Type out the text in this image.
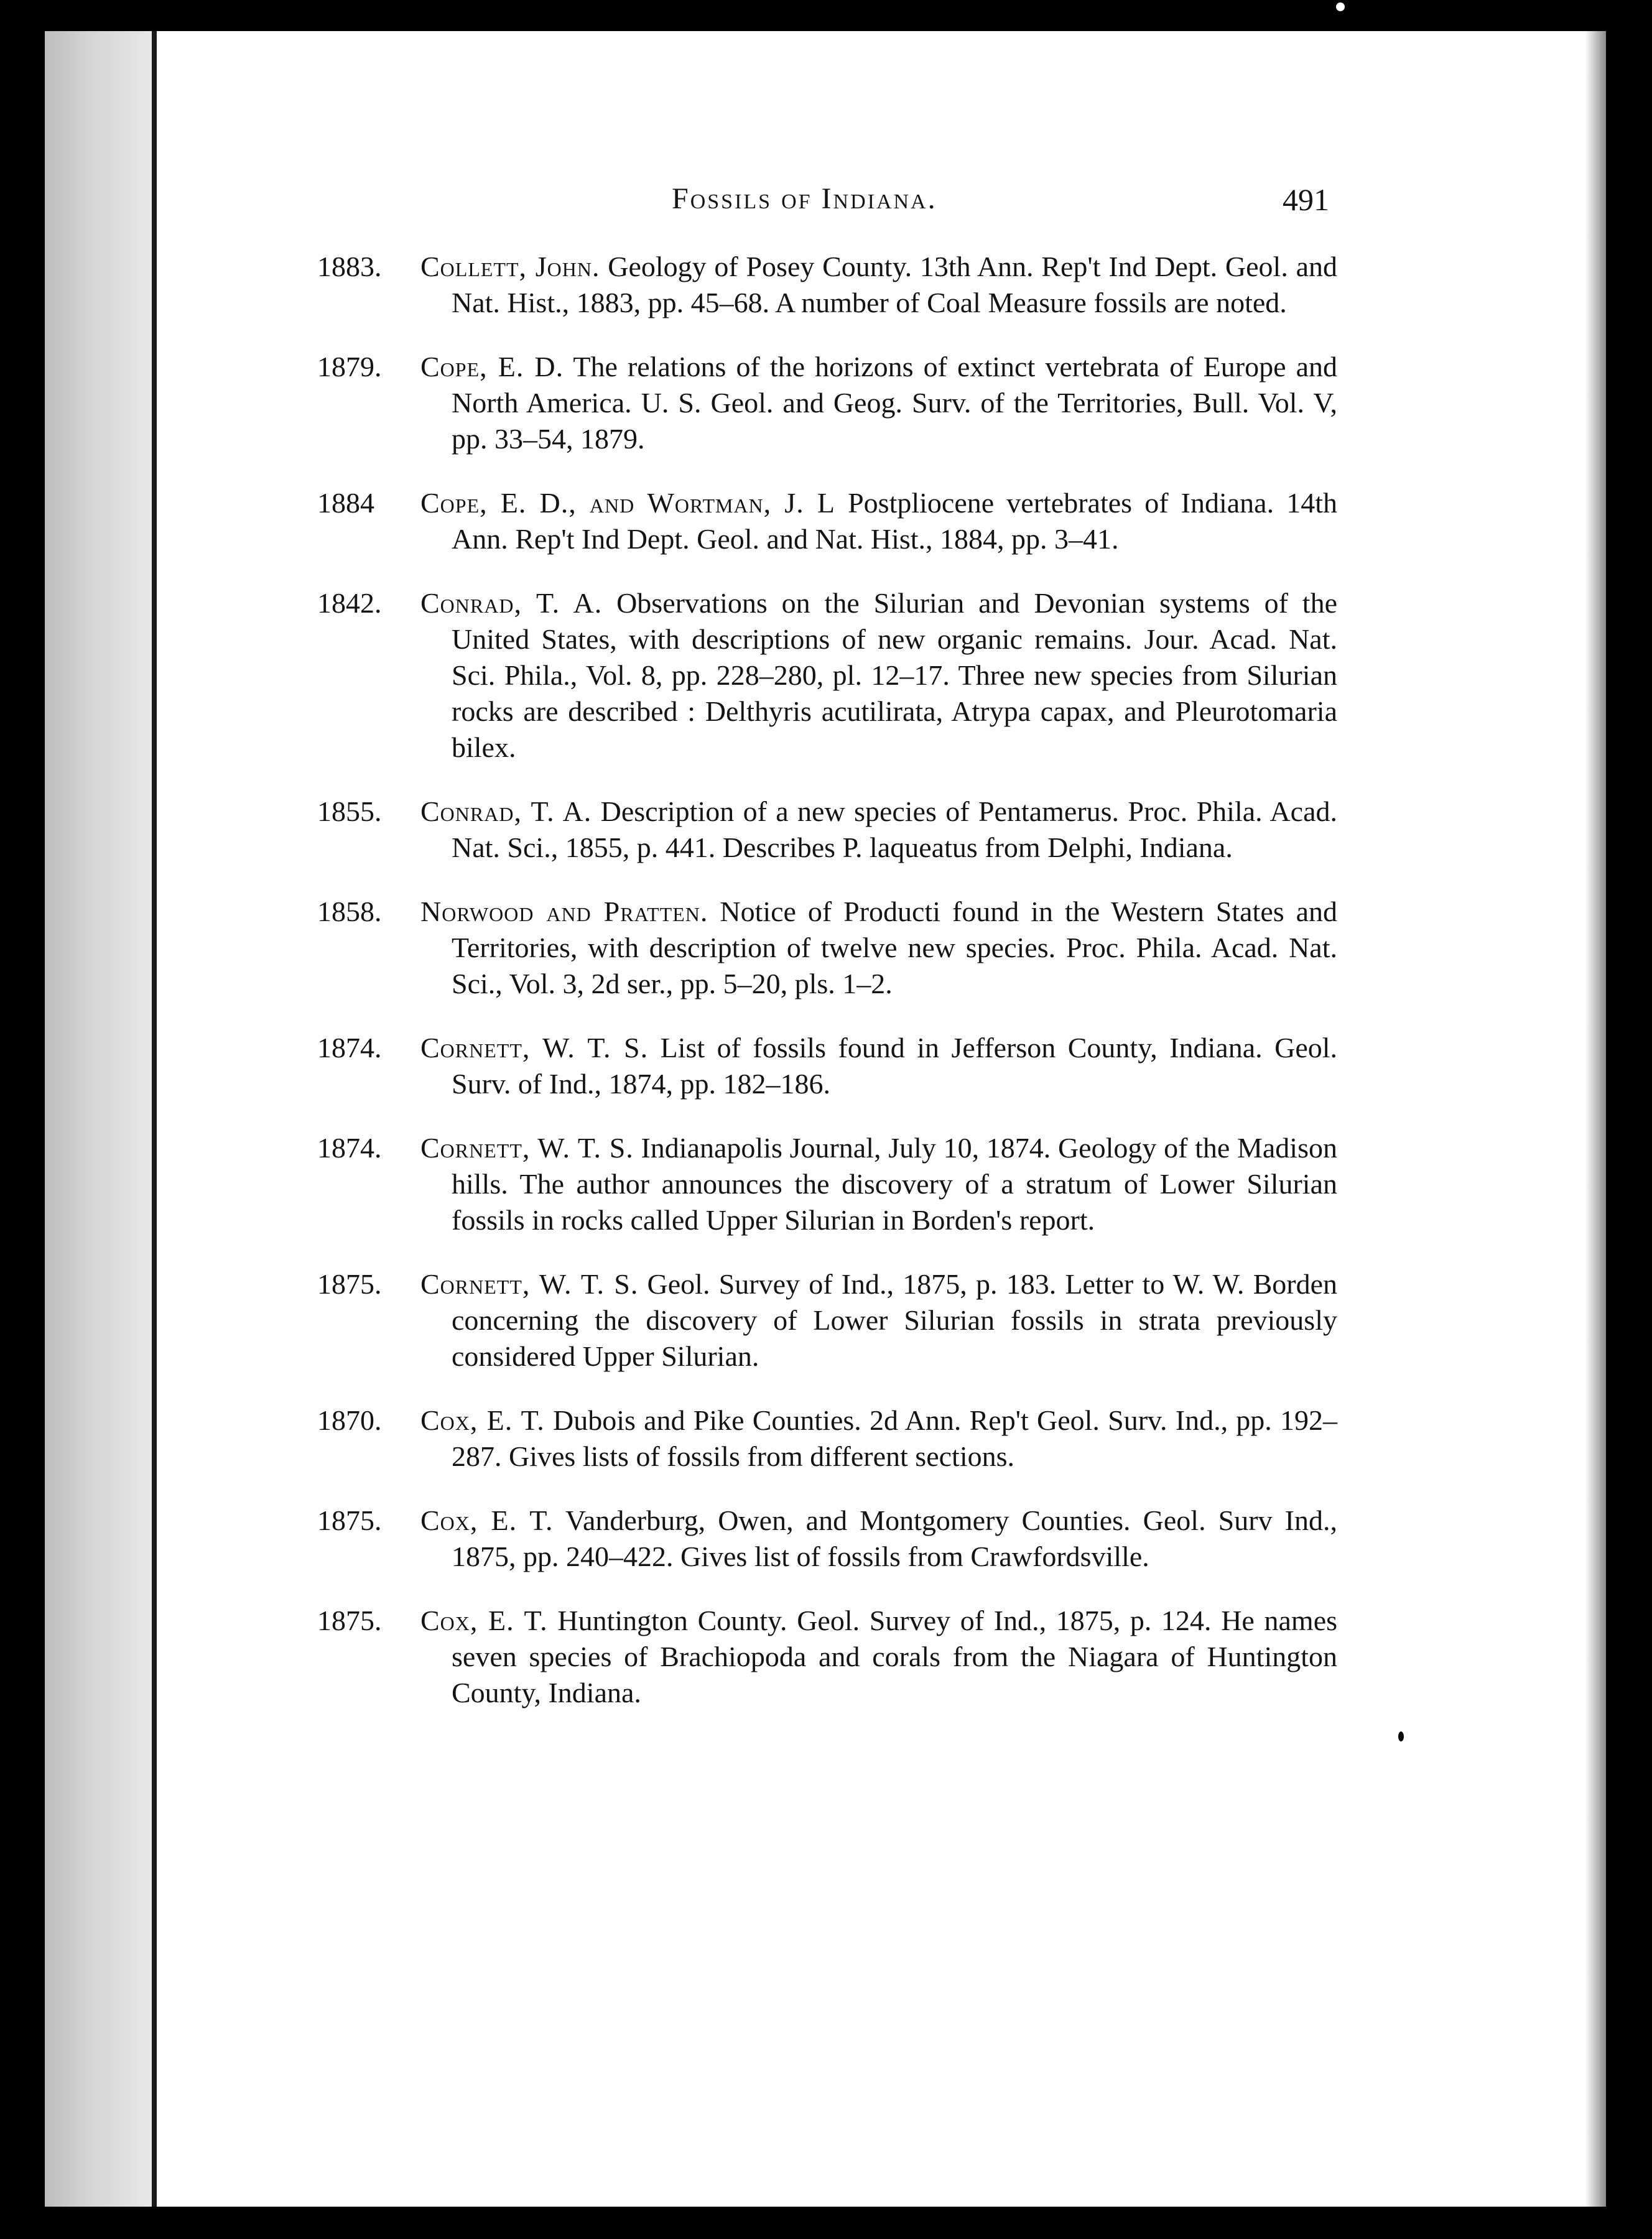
Fossils of Indiana.	491
1883. Collett, John. Geology of Posey County. 13th Ann. Rep't Ind Dept. Geol. and Nat. Hist., 1883, pp. 45–68. A number of Coal Measure fossils are noted.
1879. Cope, E. D. The relations of the horizons of extinct vertebrata of Europe and North America. U. S. Geol. and Geog. Surv. of the Territories, Bull. Vol. V, pp. 33–54, 1879.
1884 Cope, E. D., and Wortman, J. L Postpliocene vertebrates of Indiana. 14th Ann. Rep't Ind Dept. Geol. and Nat. Hist., 1884, pp. 3–41.
1842. Conrad, T. A. Observations on the Silurian and Devonian systems of the United States, with descriptions of new organic remains. Jour. Acad. Nat. Sci. Phila., Vol. 8, pp. 228–280, pl. 12–17. Three new species from Silurian rocks are described : Delthyris acutilirata, Atrypa capax, and Pleurotomaria bilex.
1855. Conrad, T. A. Description of a new species of Pentamerus. Proc. Phila. Acad. Nat. Sci., 1855, p. 441. Describes P. laqueatus from Delphi, Indiana.
1858. Norwood and Pratten. Notice of Producti found in the Western States and Territories, with description of twelve new species. Proc. Phila. Acad. Nat. Sci., Vol. 3, 2d ser., pp. 5–20, pls. 1–2.
1874. Cornett, W. T. S. List of fossils found in Jefferson County, Indiana. Geol. Surv. of Ind., 1874, pp. 182–186.
1874. Cornett, W. T. S. Indianapolis Journal, July 10, 1874. Geology of the Madison hills. The author announces the discovery of a stratum of Lower Silurian fossils in rocks called Upper Silurian in Borden's report.
1875. Cornett, W. T. S. Geol. Survey of Ind., 1875, p. 183. Letter to W. W. Borden concerning the discovery of Lower Silurian fossils in strata previously considered Upper Silurian.
1870. Cox, E. T. Dubois and Pike Counties. 2d Ann. Rep't Geol. Surv. Ind., pp. 192–287. Gives lists of fossils from different sections.
1875. Cox, E. T. Vanderburg, Owen, and Montgomery Counties. Geol. Surv Ind., 1875, pp. 240–422. Gives list of fossils from Crawfordsville.
1875. Cox, E. T. Huntington County. Geol. Survey of Ind., 1875, p. 124. He names seven species of Brachiopoda and corals from the Niagara of Huntington County, Indiana.
